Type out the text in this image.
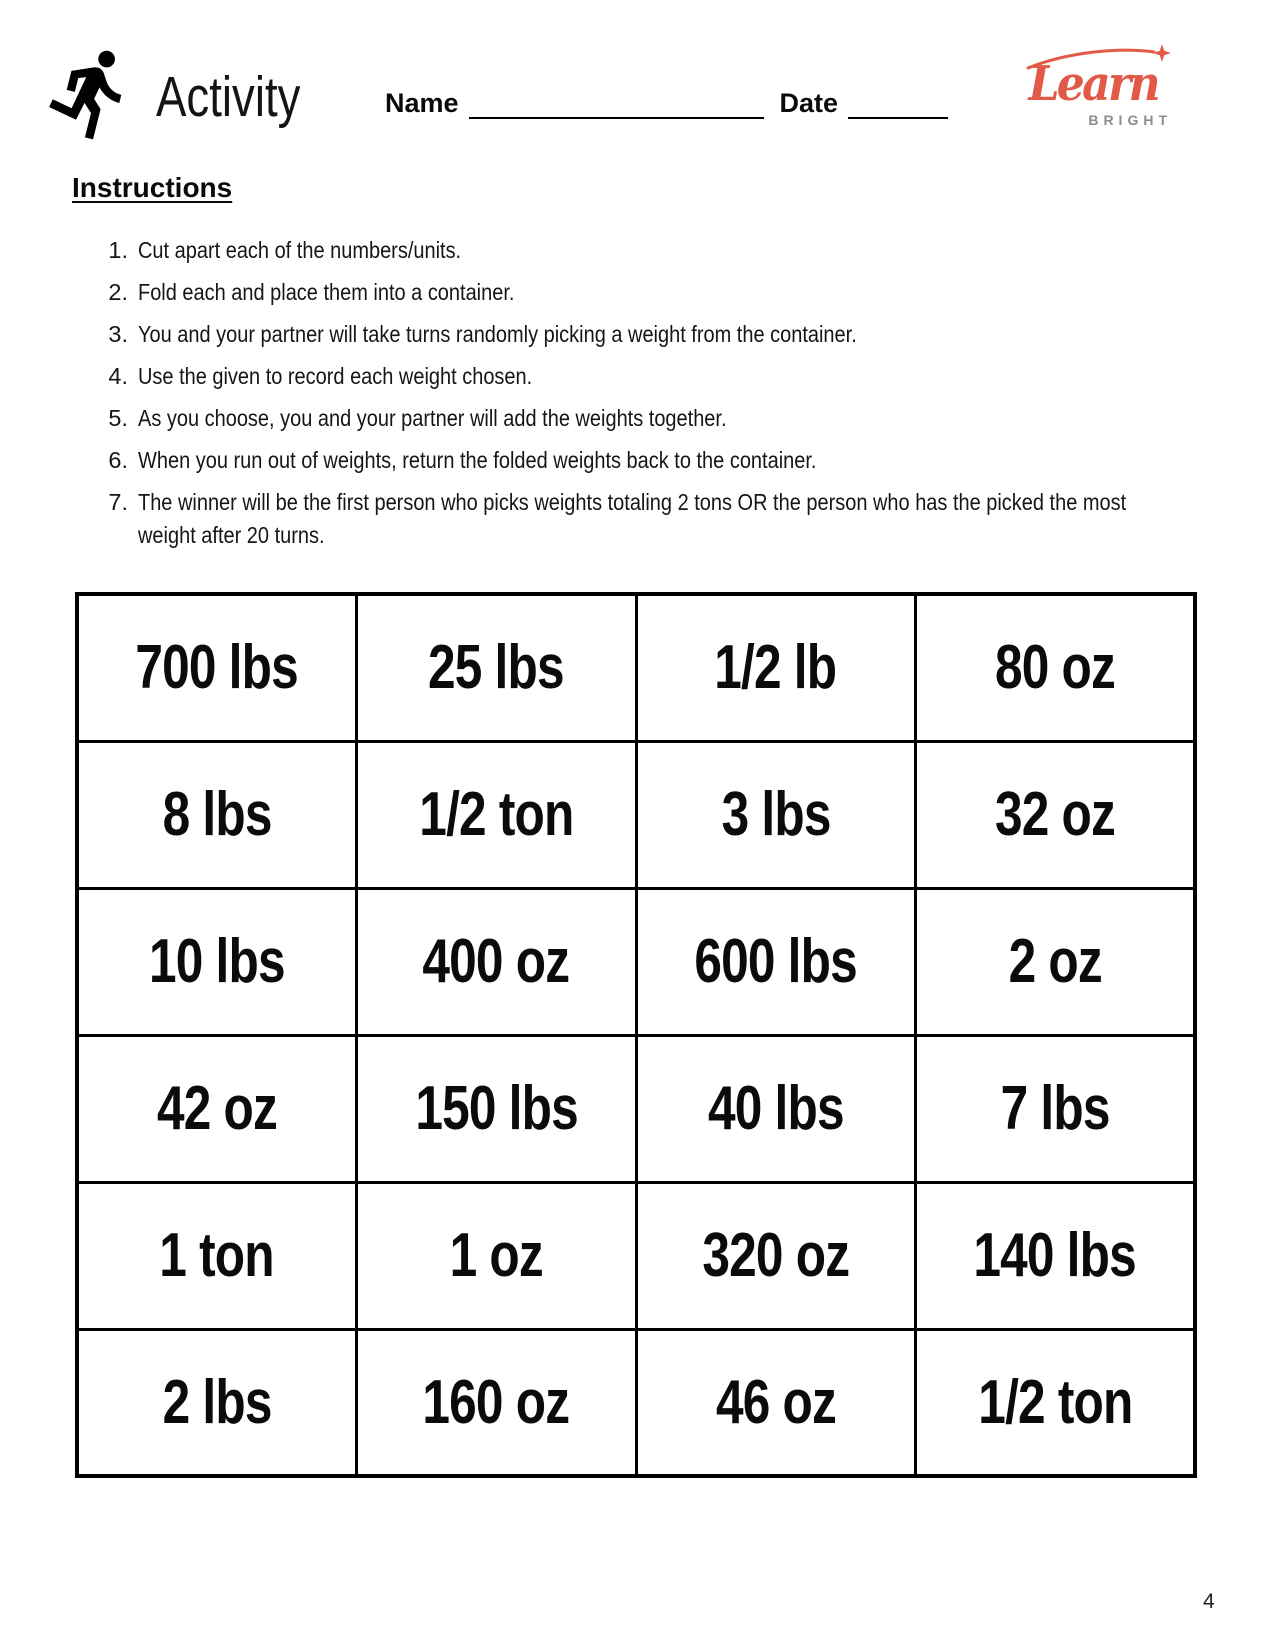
Activity	Name	Date	Learn
BRIGHT
Instructions
1. Cut apart each of the numbers/units.
2. Fold each and place them into a container.
3. You and your partner will take turns randomly picking a weight from the container.
4. Use the given to record each weight chosen.
5. As you choose, you and your partner will add the weights together.
6. When you run out of weights, return the folded weights back to the container.
7. The winner will be the first person who picks weights totaling 2 tons OR the person who has the picked the most weight after 20 turns.
700 lbs	25 lbs	1/2 lb	80 oz
8 lbs	1/2 ton	3 lbs	32 oz
10 lbs	400 oz	600 lbs	2 oz
42 oz	150 lbs	40 lbs	7 lbs
1 ton	1 oz	320 oz	140 lbs
2 lbs	160 oz	46 oz	1/2 ton
4
